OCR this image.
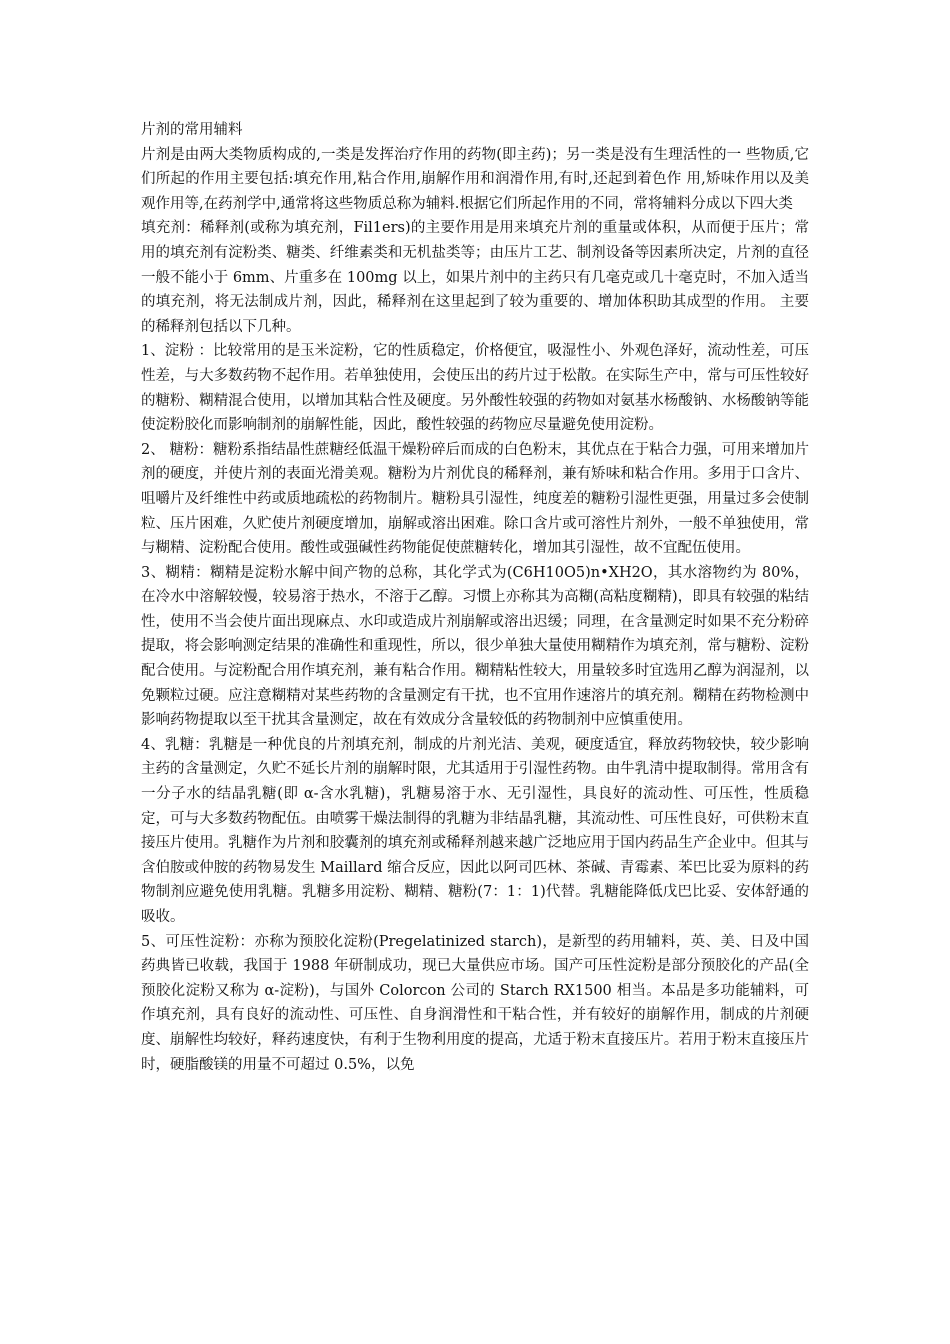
片剂的常用辅料

片剂是由两大类物质构成的,一类是发挥治疗作用的药物(即主药)；另一类是没有生理活性的一 些物质,它们所起的作用主要包括:填充作用,粘合作用,崩解作用和润滑作用,有时,还起到着色作 用,矫味作用以及美观作用等,在药剂学中,通常将这些物质总称为辅料.根据它们所起作用的不同，常将辅料分成以下四大类

填充剂：稀释剂(或称为填充剂，Fil1ers)的主要作用是用来填充片剂的重量或体积，从而便于压片；常用的填充剂有淀粉类、糖类、纤维素类和无机盐类等；由压片工艺、制剂设备等因素所决定，片剂的直径一般不能小于 6mm、片重多在 100mg 以上，如果片剂中的主药只有几毫克或几十毫克时，不加入适当的填充剂，将无法制成片剂，因此，稀释剂在这里起到了较为重要的、增加体积助其成型的作用。 主要的稀释剂包括以下几种。

1、淀粉 ：比较常用的是玉米淀粉，它的性质稳定，价格便宜，吸湿性小、外观色泽好，流动性差，可压性差，与大多数药物不起作用。若单独使用，会使压出的药片过于松散。在实际生产中，常与可压性较好的糖粉、糊精混合使用，以增加其粘合性及硬度。另外酸性较强的药物如对氨基水杨酸钠、水杨酸钠等能使淀粉胶化而影响制剂的崩解性能，因此，酸性较强的药物应尽量避免使用淀粉。

2、 糖粉：糖粉系指结晶性蔗糖经低温干燥粉碎后而成的白色粉末，其优点在于粘合力强，可用来增加片剂的硬度，并使片剂的表面光滑美观。糖粉为片剂优良的稀释剂，兼有矫味和粘合作用。多用于口含片、咀嚼片及纤维性中药或质地疏松的药物制片。糖粉具引湿性，纯度差的糖粉引湿性更强，用量过多会使制粒、压片困难，久贮使片剂硬度增加，崩解或溶出困难。除口含片或可溶性片剂外，一般不单独使用，常与糊精、淀粉配合使用。酸性或强碱性药物能促使蔗糖转化，增加其引湿性，故不宜配伍使用。

3、糊精：糊精是淀粉水解中间产物的总称，其化学式为(C6H10O5)n•XH2O，其水溶物约为 80%，在冷水中溶解较慢，较易溶于热水，不溶于乙醇。习惯上亦称其为高糊(高粘度糊精)，即具有较强的粘结性，使用不当会使片面出现麻点、水印或造成片剂崩解或溶出迟缓；同理，在含量测定时如果不充分粉碎提取，将会影响测定结果的准确性和重现性，所以，很少单独大量使用糊精作为填充剂，常与糖粉、淀粉配合使用。与淀粉配合用作填充剂，兼有粘合作用。糊精粘性较大，用量较多时宜选用乙醇为润湿剂，以免颗粒过硬。应注意糊精对某些药物的含量测定有干扰，也不宜用作速溶片的填充剂。糊精在药物检测中影响药物提取以至干扰其含量测定，故在有效成分含量较低的药物制剂中应慎重使用。

4、乳糖：乳糖是一种优良的片剂填充剂，制成的片剂光洁、美观，硬度适宜，释放药物较快，较少影响主药的含量测定，久贮不延长片剂的崩解时限，尤其适用于引湿性药物。由牛乳清中提取制得。常用含有一分子水的结晶乳糖(即 α-含水乳糖)，乳糖易溶于水、无引湿性，具良好的流动性、可压性，性质稳定，可与大多数药物配伍。由喷雾干燥法制得的乳糖为非结晶乳糖，其流动性、可压性良好，可供粉末直接压片使用。乳糖作为片剂和胶囊剂的填充剂或稀释剂越来越广泛地应用于国内药品生产企业中。但其与含伯胺或仲胺的药物易发生 Maillard 缩合反应，因此以阿司匹林、茶碱、青霉素、苯巴比妥为原料的药物制剂应避免使用乳糖。乳糖多用淀粉、糊精、糖粉(7：1：1)代替。乳糖能降低戊巴比妥、安体舒通的吸收。

5、可压性淀粉：亦称为预胶化淀粉(Pregelatinized starch)，是新型的药用辅料，英、美、日及中国药典皆已收载，我国于 1988 年研制成功，现已大量供应市场。国产可压性淀粉是部分预胶化的产品(全预胶化淀粉又称为 α-淀粉)，与国外 Colorcon 公司的 Starch RX1500 相当。本品是多功能辅料，可作填充剂，具有良好的流动性、可压性、自身润滑性和干粘合性，并有较好的崩解作用，制成的片剂硬度、崩解性均较好，释药速度快，有利于生物利用度的提高，尤适于粉末直接压片。若用于粉末直接压片时，硬脂酸镁的用量不可超过 0.5%，以免
